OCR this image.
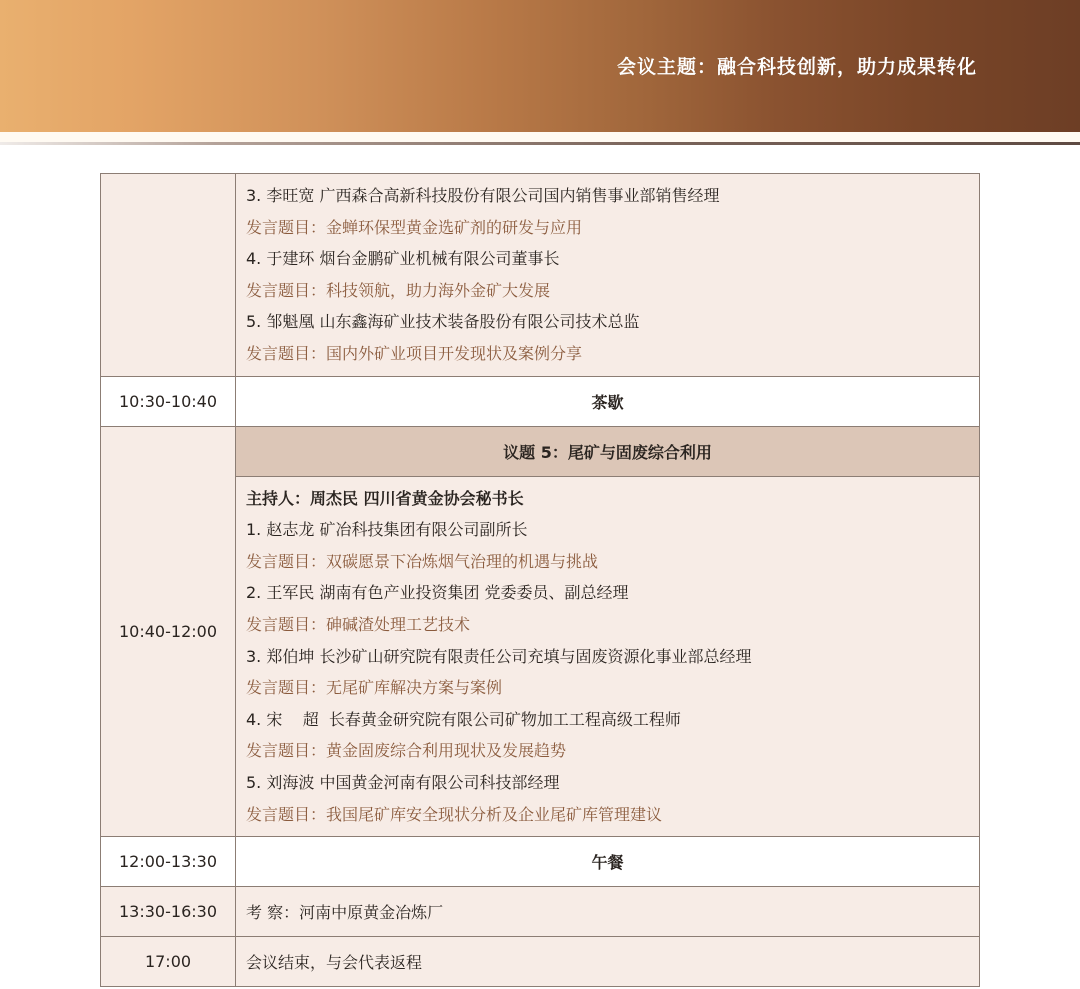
会议主题：融合科技创新，助力成果转化

3. 李旺宽 广西森合高新科技股份有限公司国内销售事业部销售经理
发言题目：金蝉环保型黄金选矿剂的研发与应用
4. 于建环 烟台金鹏矿业机械有限公司董事长
发言题目：科技领航，助力海外金矿大发展
5. 邹魁凰 山东鑫海矿业技术装备股份有限公司技术总监
发言题目：国内外矿业项目开发现状及案例分享

10:30-10:40	茶歇
10:40-12:00	议题 5：尾矿与固废综合利用

主持人：周杰民 四川省黄金协会秘书长
1. 赵志龙 矿冶科技集团有限公司副所长
发言题目：双碳愿景下冶炼烟气治理的机遇与挑战
2. 王军民 湖南有色产业投资集团 党委委员、副总经理
发言题目：砷碱渣处理工艺技术
3. 郑伯坤 长沙矿山研究院有限责任公司充填与固废资源化事业部总经理
发言题目：无尾矿库解决方案与案例
4. 宋    超  长春黄金研究院有限公司矿物加工工程高级工程师
发言题目：黄金固废综合利用现状及发展趋势
5. 刘海波 中国黄金河南有限公司科技部经理
发言题目：我国尾矿库安全现状分析及企业尾矿库管理建议

12:00-13:30	午餐
13:30-16:30	考 察：河南中原黄金冶炼厂
17:00	会议结束，与会代表返程
